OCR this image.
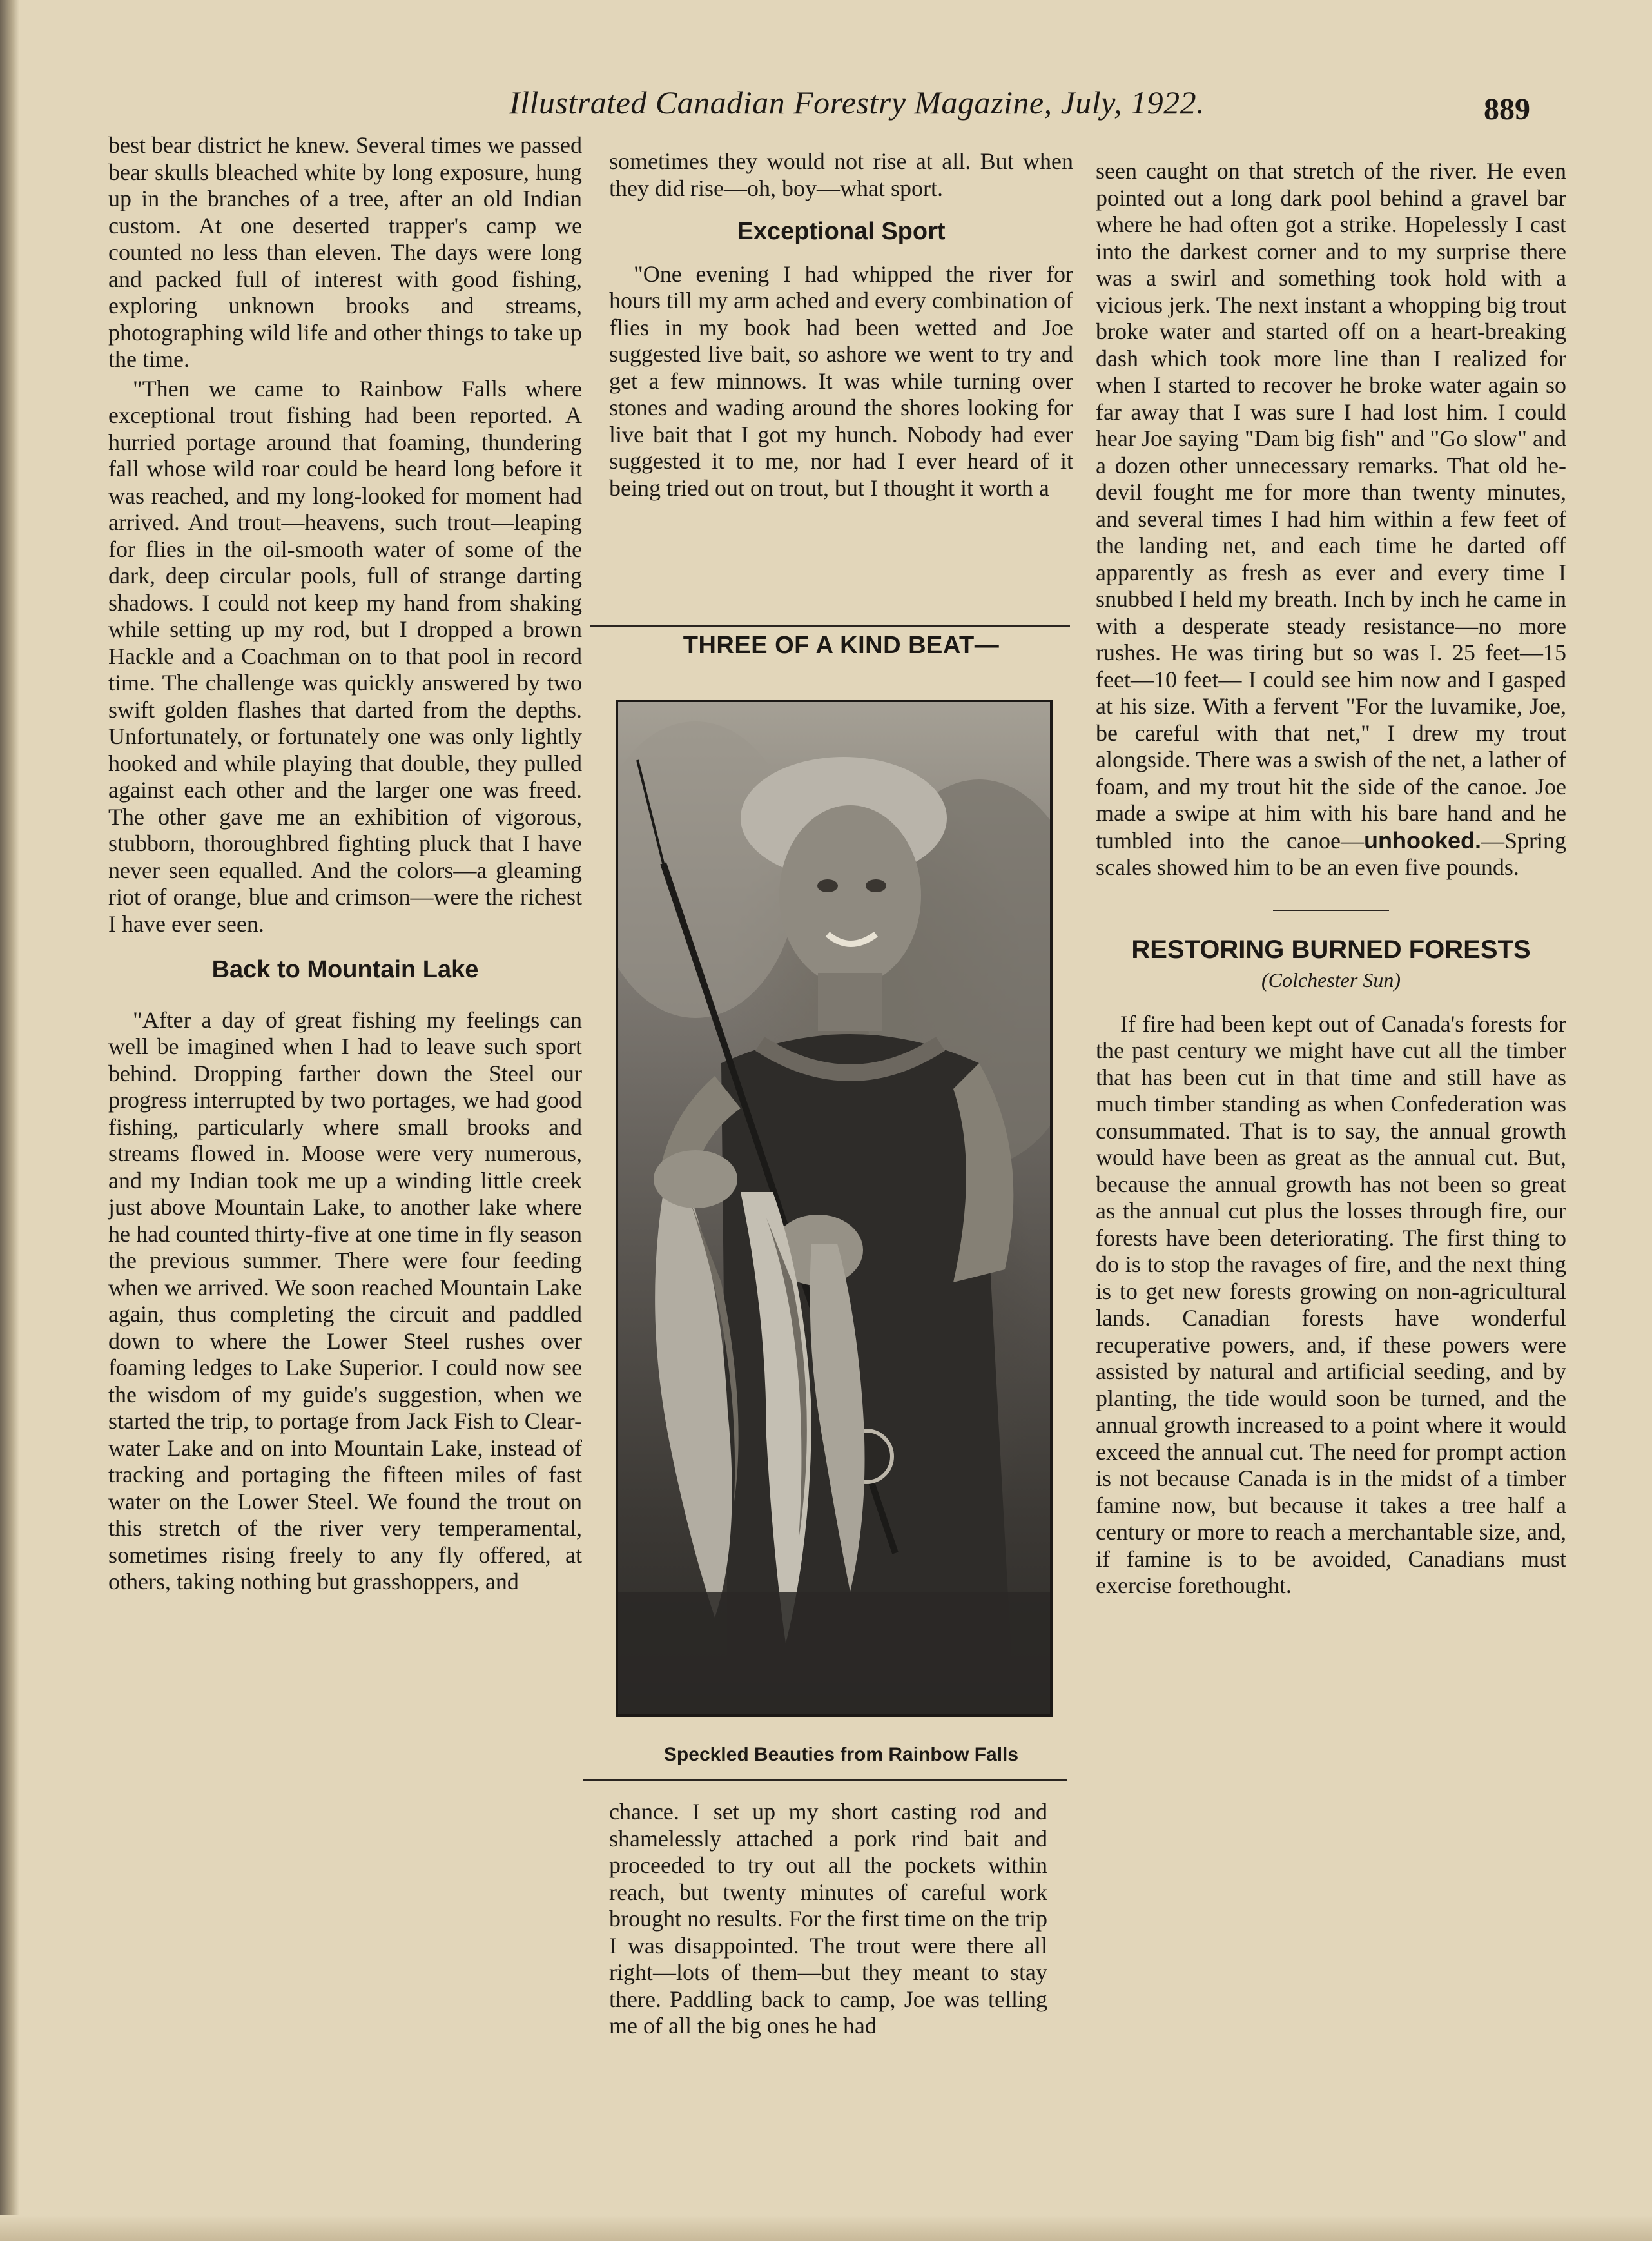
Illustrated Canadian Forestry Magazine, July, 1922.	889

best bear district he knew. Several times we passed bear skulls bleached white by long exposure, hung up in the branches of a tree, after an old Indian custom. At one deserted trapper's camp we counted no less than eleven. The days were long and packed full of interest with good fishing, exploring unknown brooks and streams, photographing wild life and other things to take up the time.

"Then we came to Rainbow Falls where exceptional trout fishing had been reported. A hurried portage around that foaming, thundering fall whose wild roar could be heard long before it was reached, and my long-looked for moment had arrived. And trout—heavens, such trout—leaping for flies in the oil-smooth water of some of the dark, deep circular pools, full of strange darting shadows. I could not keep my hand from shaking while setting up my rod, but I dropped a brown Hackle and a Coachman on to that pool in record time. The challenge was quickly answered by two swift golden flashes that darted from the depths. Unfortunately, or fortunately one was only lightly hooked and while playing that double, they pulled against each other and the larger one was freed. The other gave me an exhibition of vigorous, stubborn, thoroughbred fighting pluck that I have never seen equalled. And the colors—a gleaming riot of orange, blue and crimson—were the richest I have ever seen.

Back to Mountain Lake

"After a day of great fishing my feelings can well be imagined when I had to leave such sport behind. Dropping farther down the Steel our progress interrupted by two portages, we had good fishing, particularly where small brooks and streams flowed in. Moose were very numerous, and my Indian took me up a winding little creek just above Mountain Lake, to another lake where he had counted thirty-five at one time in fly season the previous summer. There were four feeding when we arrived. We soon reached Mountain Lake again, thus completing the circuit and paddled down to where the Lower Steel rushes over foaming ledges to Lake Superior. I could now see the wisdom of my guide's suggestion, when we started the trip, to portage from Jack Fish to Clear-water Lake and on into Mountain Lake, instead of tracking and portaging the fifteen miles of fast water on the Lower Steel. We found the trout on this stretch of the river very temperamental, sometimes rising freely to any fly offered, at others, taking nothing but grasshoppers, and

sometimes they would not rise at all. But when they did rise—oh, boy—what sport.

Exceptional Sport

"One evening I had whipped the river for hours till my arm ached and every combination of flies in my book had been wetted and Joe suggested live bait, so ashore we went to try and get a few minnows. It was while turning over stones and wading around the shores looking for live bait that I got my hunch. Nobody had ever suggested it to me, nor had I ever heard of it being tried out on trout, but I thought it worth a

THREE OF A KIND BEAT—
Speckled Beauties from Rainbow Falls

chance. I set up my short casting rod and shamelessly attached a pork rind bait and proceeded to try out all the pockets within reach, but twenty minutes of careful work brought no results. For the first time on the trip I was disappointed. The trout were there all right—lots of them—but they meant to stay there. Paddling back to camp, Joe was telling me of all the big ones he had

seen caught on that stretch of the river. He even pointed out a long dark pool behind a gravel bar where he had often got a strike. Hopelessly I cast into the darkest corner and to my surprise there was a swirl and something took hold with a vicious jerk. The next instant a whopping big trout broke water and started off on a heart-breaking dash which took more line than I realized for when I started to recover he broke water again so far away that I was sure I had lost him. I could hear Joe saying "Dam big fish" and "Go slow" and a dozen other unnecessary remarks. That old he-devil fought me for more than twenty minutes, and several times I had him within a few feet of the landing net, and each time he darted off apparently as fresh as ever and every time I snubbed I held my breath. Inch by inch he came in with a desperate steady resistance—no more rushes. He was tiring but so was I. 25 feet—15 feet—10 feet— I could see him now and I gasped at his size. With a fervent "For the luvamike, Joe, be careful with that net," I drew my trout alongside. There was a swish of the net, a lather of foam, and my trout hit the side of the canoe. Joe made a swipe at him with his bare hand and he tumbled into the canoe—unhooked.—Spring scales showed him to be an even five pounds.

RESTORING BURNED FORESTS
(Colchester Sun)

If fire had been kept out of Canada's forests for the past century we might have cut all the timber that has been cut in that time and still have as much timber standing as when Confederation was consummated. That is to say, the annual growth would have been as great as the annual cut. But, because the annual growth has not been so great as the annual cut plus the losses through fire, our forests have been deteriorating. The first thing to do is to stop the ravages of fire, and the next thing is to get new forests growing on non-agricultural lands. Canadian forests have wonderful recuperative powers, and, if these powers were assisted by natural and artificial seeding, and by planting, the tide would soon be turned, and the annual growth increased to a point where it would exceed the annual cut. The need for prompt action is not because Canada is in the midst of a timber famine now, but because it takes a tree half a century or more to reach a merchantable size, and, if famine is to be avoided, Canadians must exercise forethought.
